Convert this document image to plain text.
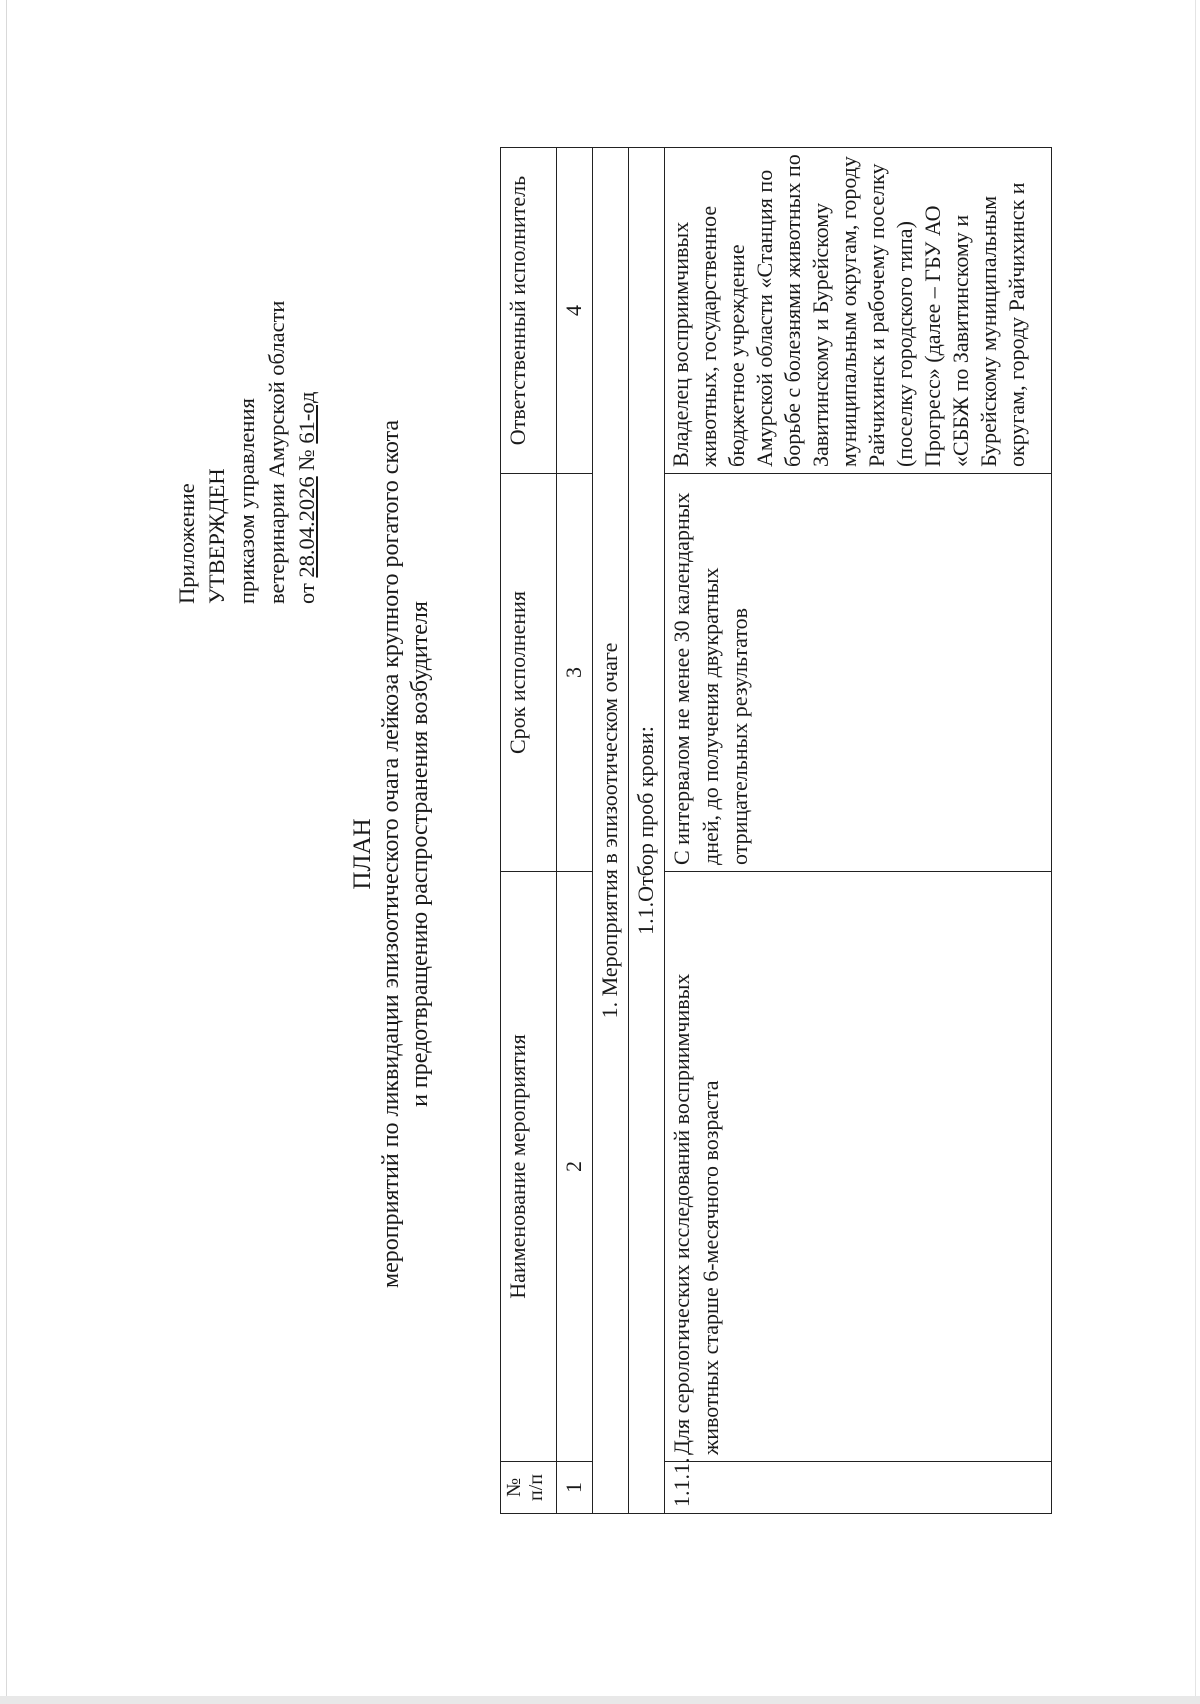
Приложение УТВЕРЖДЕН приказом управления ветеринарии Амурской области от 28.04.2026 № 61-од
ПЛАН мероприятий по ликвидации эпизоотического очага лейкоза крупного рогатого скота и предотвращению распространения возбудителя
№ п/п	Наименование мероприятия	Срок исполнения	Ответственный исполнитель
1	2	3	4
1. Мероприятия в эпизоотическом очаге			
1.1.Отбор проб крови:			
1.1.1.	Для серологических исследований восприимчивых животных старше 6-месячного возраста	С интервалом не менее 30 календарных дней, до получения двукратных отрицательных результатов	Владелец восприимчивых животных, государственное бюджетное учреждение Амурской области «Станция по борьбе с болезнями животных по Завитинскому и Бурейскому муниципальным округам, городу Райчихинск и рабочему поселку (поселку городского типа) Прогресс» (далее – ГБУ АО «СББЖ по Завитинскому и Бурейскому муниципальным округам, городу Райчихинск и
